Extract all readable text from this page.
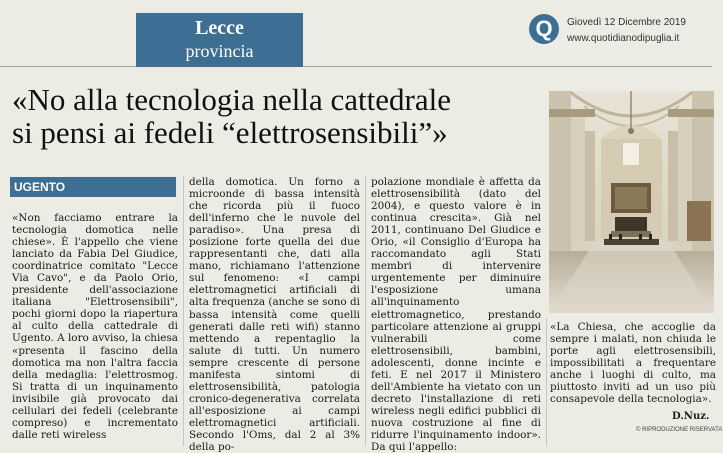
Lecce
provincia
Q	Giovedì 12 Dicembre 2019
www.quotidianodipuglia.it
«No alla tecnologia nella cattedrale
si pensi ai fedeli “elettrosensibili”»
UGENTO
«Non facciamo entrare la tecnologia domotica nelle chiese». È l'appello che viene lanciato da Fabia Del Giudice, coordinatrice comitato "Lecce Via Cavo", e da Paolo Orio, presidente dell'associazione italiana "Elettrosensibili", pochi giorni dopo la riapertura al culto della cattedrale di Ugento. A loro avviso, la chiesa «presenta il fascino della domotica ma non l'altra faccia della medaglia: l'elettrosmog. Si tratta di un inquinamento invisibile già provocato dai cellulari dei fedeli (celebrante compreso) e incrementato dalle reti wireless
della domotica. Un forno a microonde di bassa intensità che ricorda più il fuoco dell'inferno che le nuvole del paradiso». Una presa di posizione forte quella dei due rappresentanti che, dati alla mano, richiamano l'attenzione sul fenomeno: «I campi elettromagnetici artificiali di alta frequenza (anche se sono di bassa intensità come quelli generati dalle reti wifi) stanno mettendo a repentaglio la salute di tutti. Un numero sempre crescente di persone manifesta sintomi di elettrosensibilità, patologia cronico-degenerativa correlata all'esposizione ai campi elettromagnetici artificiali. Secondo l'Oms, dal 2 al 3% della po-
polazione mondiale è affetta da elettrosensibilità (dato del 2004), e questo valore è in continua crescita». Già nel 2011, continuano Del Giudice e Orio, «il Consiglio d'Europa ha raccomandato agli Stati membri di intervenire urgentemente per diminuire l'esposizione umana all'inquinamento elettromagnetico, prestando particolare attenzione ai gruppi vulnerabili come elettrosensibili, bambini, adolescenti, donne incinte e feti. E nel 2017 il Ministero dell'Ambiente ha vietato con un decreto l'installazione di reti wireless negli edifici pubblici di nuova costruzione al fine di ridurre l'inquinamento indoor». Da qui l'appello:
«La Chiesa, che accoglie da sempre i malati, non chiuda le porte agli elettrosensibili, impossibilitati a frequentare anche i luoghi di culto, ma piuttosto inviti ad un uso più consapevole della tecnologia».
D.Nuz.
© RIPRODUZIONE RISERVATA
